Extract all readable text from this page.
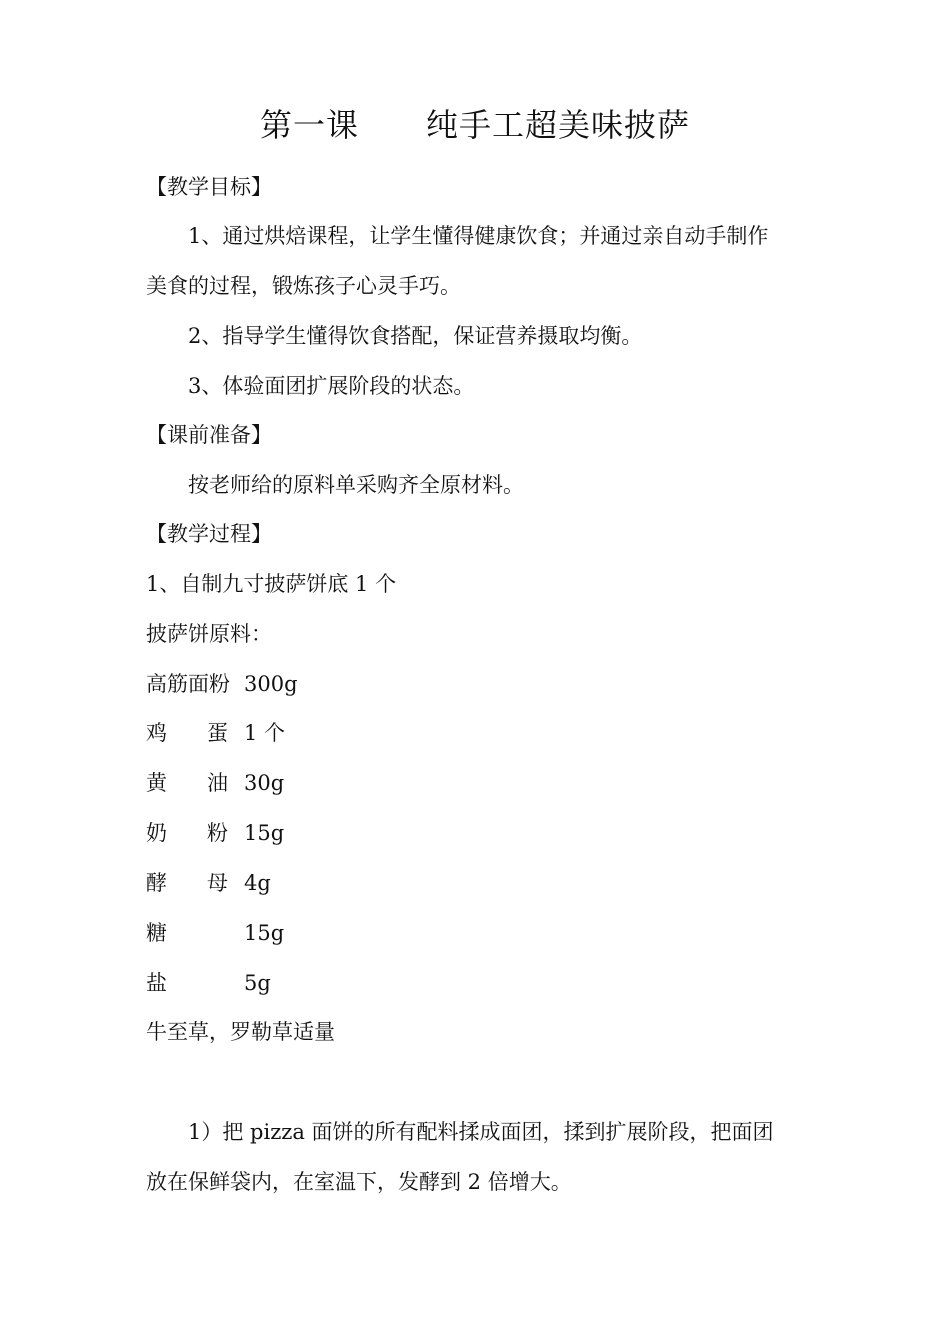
第一课      纯手工超美味披萨
【教学目标】
1、通过烘焙课程，让学生懂得健康饮食；并通过亲自动手制作
美食的过程，锻炼孩子心灵手巧。
2、指导学生懂得饮食搭配，保证营养摄取均衡。
3、体验面团扩展阶段的状态。
【课前准备】
按老师给的原料单采购齐全原材料。
【教学过程】
1、自制九寸披萨饼底 1 个
披萨饼原料：
高筋面粉 300g
鸡      蛋 1 个
黄      油 30g
奶      粉 15g
酵      母 4g
糖	15g
盐	5g
牛至草，罗勒草适量
1）把 pizza 面饼的所有配料揉成面团，揉到扩展阶段，把面团
放在保鲜袋内，在室温下，发酵到 2 倍增大。
